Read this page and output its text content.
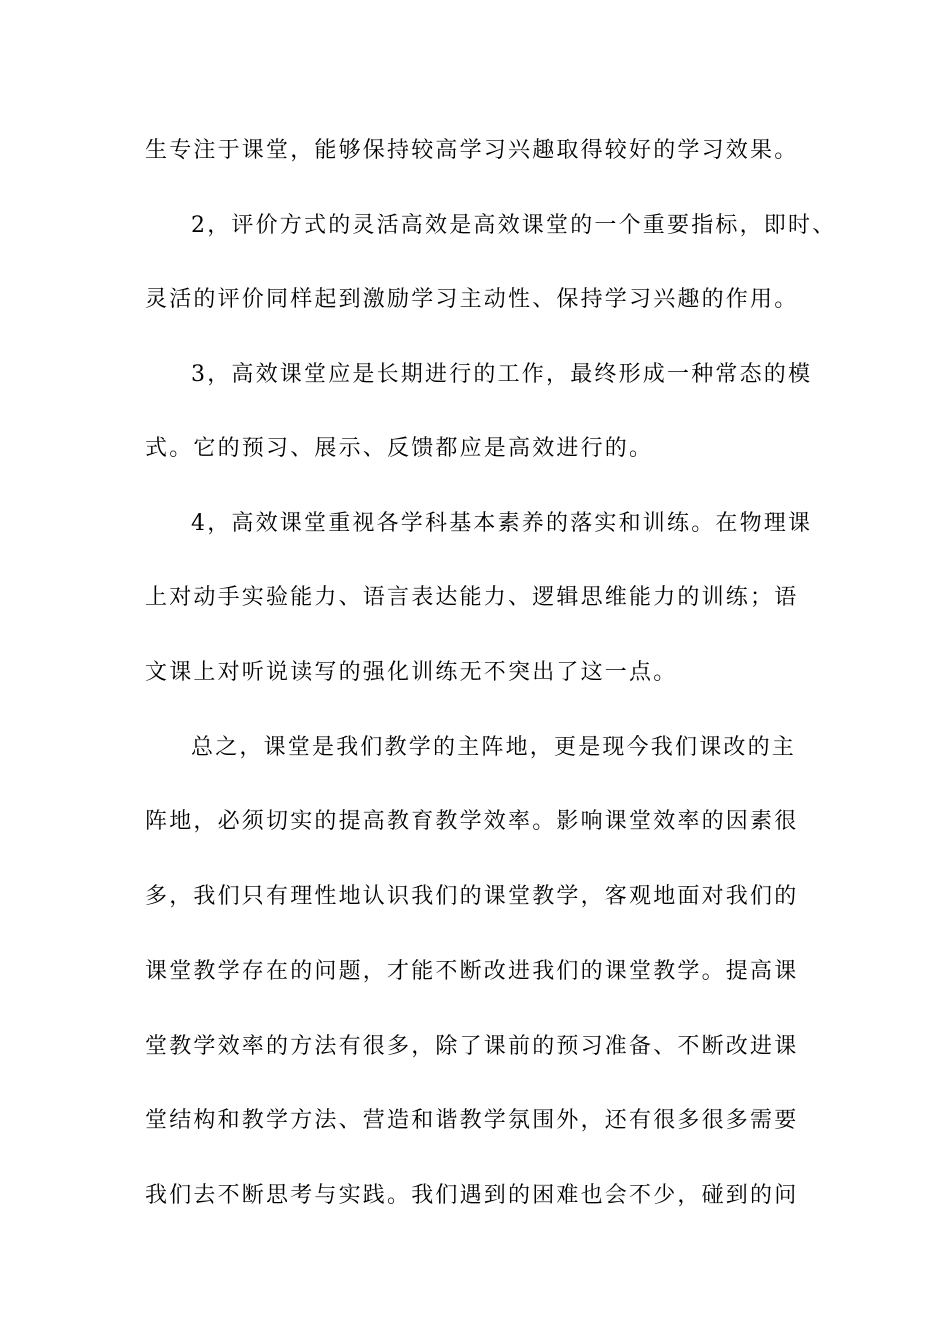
生专注于课堂，能够保持较高学习兴趣取得较好的学习效果。
2，评价方式的灵活高效是高效课堂的一个重要指标，即时、
灵活的评价同样起到激励学习主动性、保持学习兴趣的作用。
3，高效课堂应是长期进行的工作，最终形成一种常态的模
式。它的预习、展示、反馈都应是高效进行的。
4，高效课堂重视各学科基本素养的落实和训练。在物理课
上对动手实验能力、语言表达能力、逻辑思维能力的训练；语
文课上对听说读写的强化训练无不突出了这一点。
总之，课堂是我们教学的主阵地，更是现今我们课改的主
阵地，必须切实的提高教育教学效率。影响课堂效率的因素很
多，我们只有理性地认识我们的课堂教学，客观地面对我们的
课堂教学存在的问题，才能不断改进我们的课堂教学。提高课
堂教学效率的方法有很多，除了课前的预习准备、不断改进课
堂结构和教学方法、营造和谐教学氛围外，还有很多很多需要
我们去不断思考与实践。我们遇到的困难也会不少，碰到的问
